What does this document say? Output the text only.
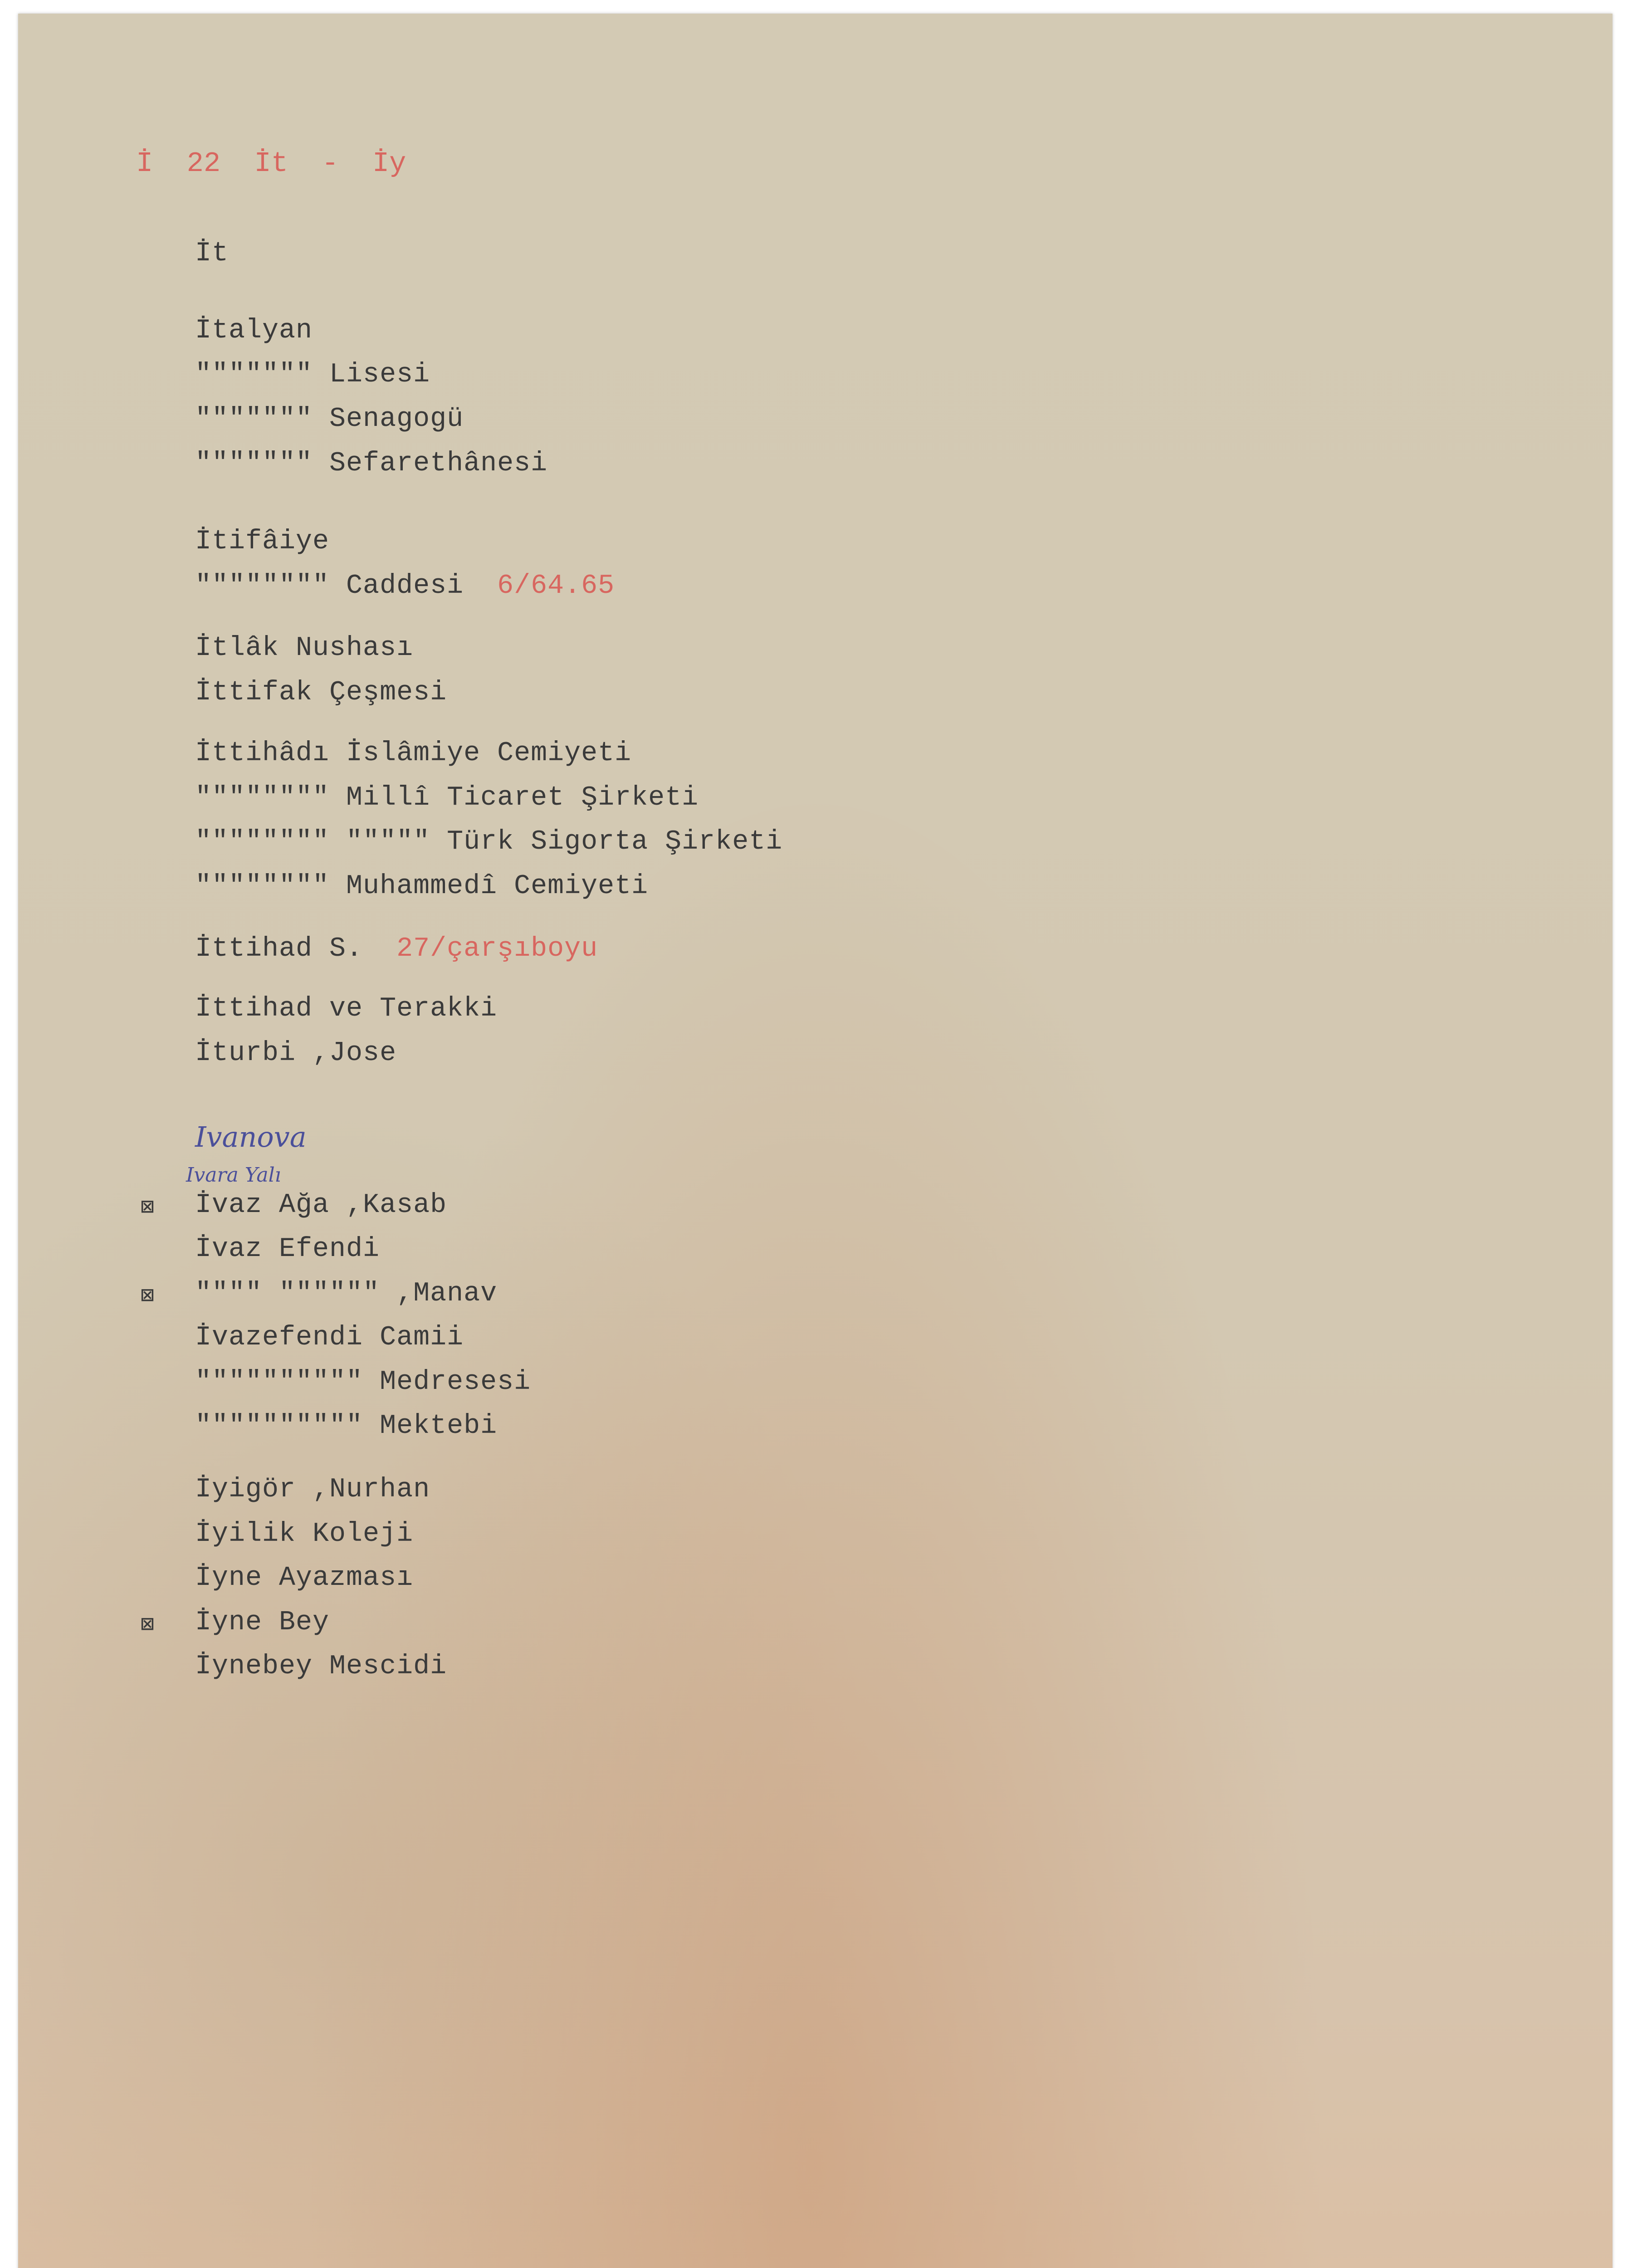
İ 22 İt - İy
İt
İtalyan
""""""" Lisesi
""""""" Senagogü
""""""" Sefarethânesi
İtifâiye
"""""""" Caddesi 6/64.65
İtlâk Nushası
İttifak Çeşmesi
İttihâdı İslâmiye Cemiyeti
"""""""" Millî Ticaret Şirketi
"""""""" """"" Türk Sigorta Şirketi
"""""""" Muhammedî Cemiyeti
İttihad S. 27/çarşıboyu
İttihad ve Terakki
İturbi ,Jose
Ivanova
Ivara Yalı
⊠ İvaz Ağa ,Kasab
İvaz Efendi
⊠ """" """""" ,Manav
İvazefendi Camii
"""""""""" Medresesi
"""""""""" Mektebi
İyigör ,Nurhan
İyilik Koleji
İyne Ayazması
⊠ İyne Bey
İynebey Mescidi
